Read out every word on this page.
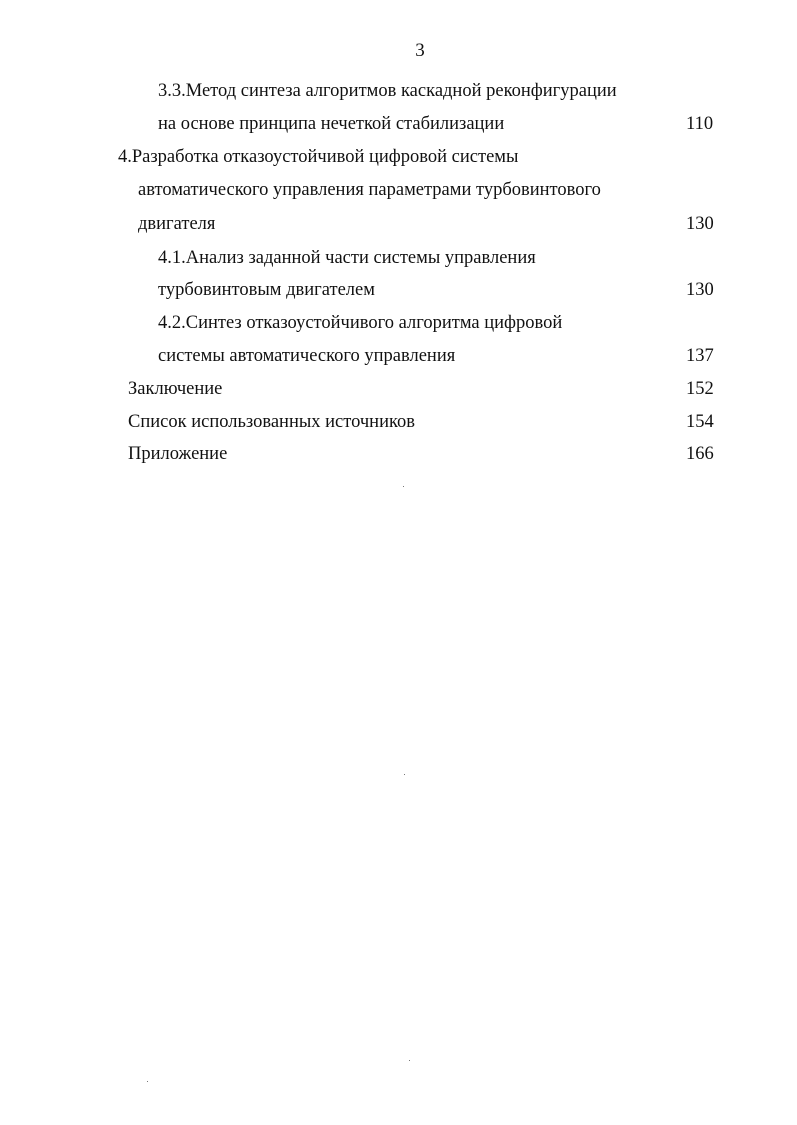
3
3.3.Метод синтеза алгоритмов каскадной реконфигурации
на основе принципа нечеткой стабилизации	110
4.Разработка отказоустойчивой цифровой системы
автоматического управления параметрами турбовинтового
двигателя	130
4.1.Анализ заданной части системы управления
турбовинтовым двигателем	130
4.2.Синтез отказоустойчивого алгоритма цифровой
системы автоматического управления	137
Заключение	152
Список использованных источников	154
Приложение	166
